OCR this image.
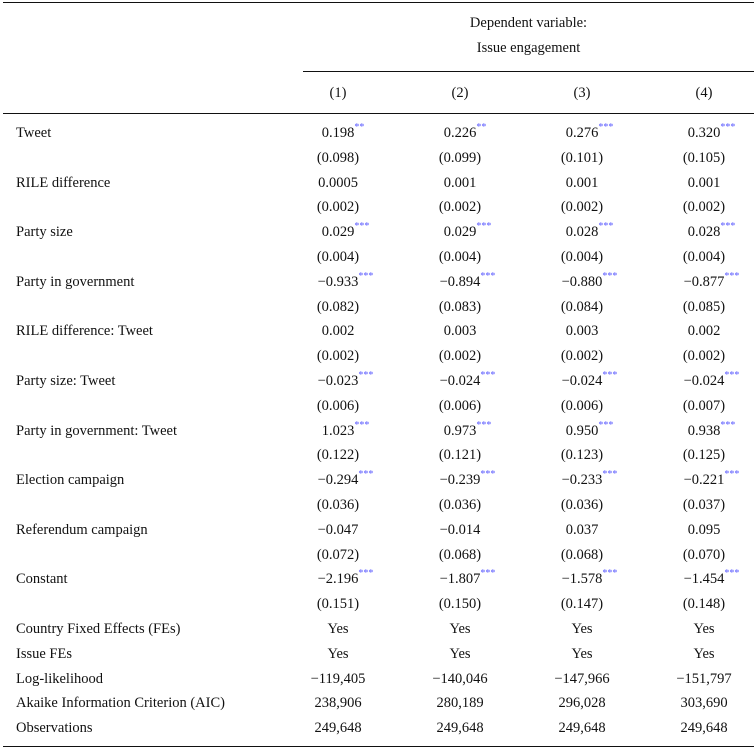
Dependent variable:
Issue engagement
(1)	(2)	(3)	(4)
Tweet	0.198 **	0.226 **	0.276 ***	0.320 ***
(0.098)	(0.099)	(0.101)	(0.105)
RILE difference	0.0005	0.001	0.001	0.001
(0.002)	(0.002)	(0.002)	(0.002)
Party size	0.029 ***	0.029 ***	0.028 ***	0.028 ***
(0.004)	(0.004)	(0.004)	(0.004)
Party in government	−0.933 ***	−0.894 ***	−0.880 ***	−0.877 ***
(0.082)	(0.083)	(0.084)	(0.085)
RILE difference: Tweet	0.002	0.003	0.003	0.002
(0.002)	(0.002)	(0.002)	(0.002)
Party size: Tweet	−0.023 ***	−0.024 ***	−0.024 ***	−0.024 ***
(0.006)	(0.006)	(0.006)	(0.007)
Party in government: Tweet	1.023 ***	0.973 ***	0.950 ***	0.938 ***
(0.122)	(0.121)	(0.123)	(0.125)
Election campaign	−0.294 ***	−0.239 ***	−0.233 ***	−0.221 ***
(0.036)	(0.036)	(0.036)	(0.037)
Referendum campaign	−0.047	−0.014	0.037	0.095
(0.072)	(0.068)	(0.068)	(0.070)
Constant	−2.196 ***	−1.807 ***	−1.578 ***	−1.454 ***
(0.151)	(0.150)	(0.147)	(0.148)
Country Fixed Effects (FEs)	Yes	Yes	Yes	Yes
Issue FEs	Yes	Yes	Yes	Yes
Log-likelihood	−119,405	−140,046	−147,966	−151,797
Akaike Information Criterion (AIC)	238,906	280,189	296,028	303,690
Observations	249,648	249,648	249,648	249,648
